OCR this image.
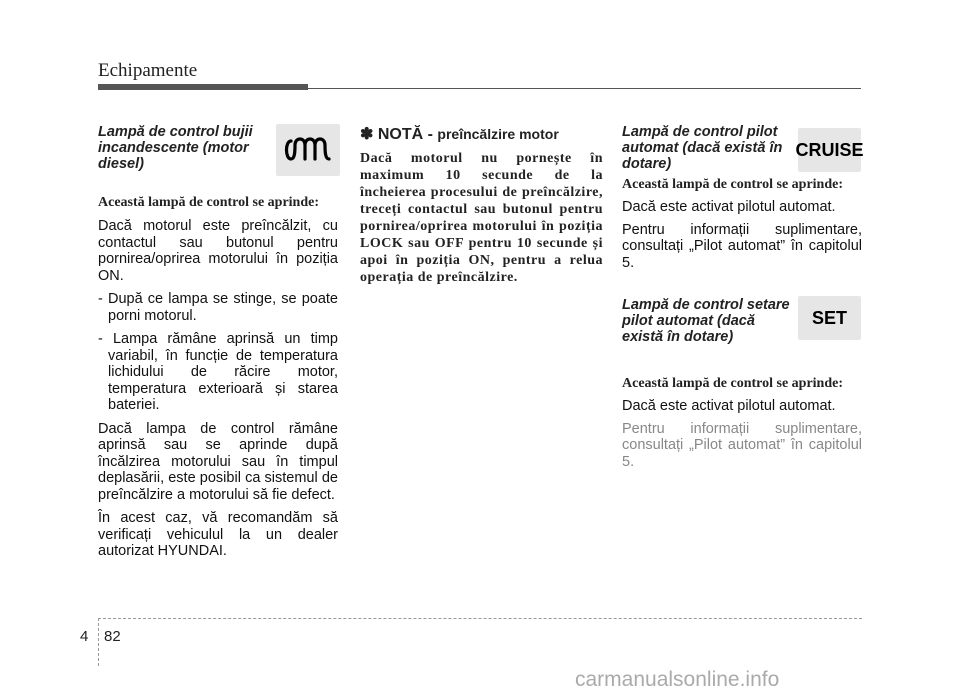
Echipamente
Lampă de control bujii incandescente (motor diesel)

Această lampă de control se aprinde:

Dacă motorul este preîncălzit, cu contactul sau butonul pentru pornirea/oprirea motorului în poziția ON.

- După ce lampa se stinge, se poate porni motorul.

- Lampa rămâne aprinsă un timp variabil, în funcție de temperatura lichidului de răcire motor, temperatura exterioară și starea bateriei.

Dacă lampa de control rămâne aprinsă sau se aprinde după încălzirea motorului sau în timpul deplasării, este posibil ca sistemul de preîncălzire a motorului să fie defect.

În acest caz, vă recomandăm să verificați vehiculul la un dealer autorizat HYUNDAI.

✽ NOTĂ - preîncălzire motor

Dacă motorul nu pornește în maximum 10 secunde de la încheierea procesului de preîncălzire, treceți contactul sau butonul pentru pornirea/oprirea motorului în poziția LOCK sau OFF pentru 10 secunde și apoi în poziția ON, pentru a relua operația de preîncălzire.

Lampă de control pilot automat (dacă există în dotare)

Această lampă de control se aprinde:

Dacă este activat pilotul automat.

Pentru informații suplimentare, consultați „Pilot automat” în capitolul 5.

Lampă de control setare pilot automat (dacă există în dotare)

Această lampă de control se aprinde:

Dacă este activat pilotul automat.

Pentru informații suplimentare, consultați „Pilot automat” în capitolul 5.

CRUISE
SET
4 82
carmanualsonline.info
